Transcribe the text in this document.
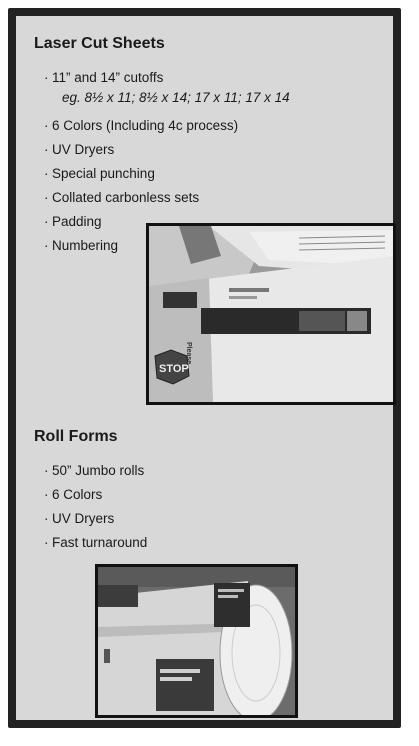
Laser Cut Sheets
· 11” and 14” cutoffs
eg. 8½ x 11; 8½ x 14; 17 x 11; 17 x 14
· 6 Colors (Including 4c process)
· UV Dryers
· Special punching
· Collated carbonless sets
· Padding
· Numbering
STOP
Please
Roll Forms
· 50” Jumbo rolls
· 6 Colors
· UV Dryers
· Fast turnaround
